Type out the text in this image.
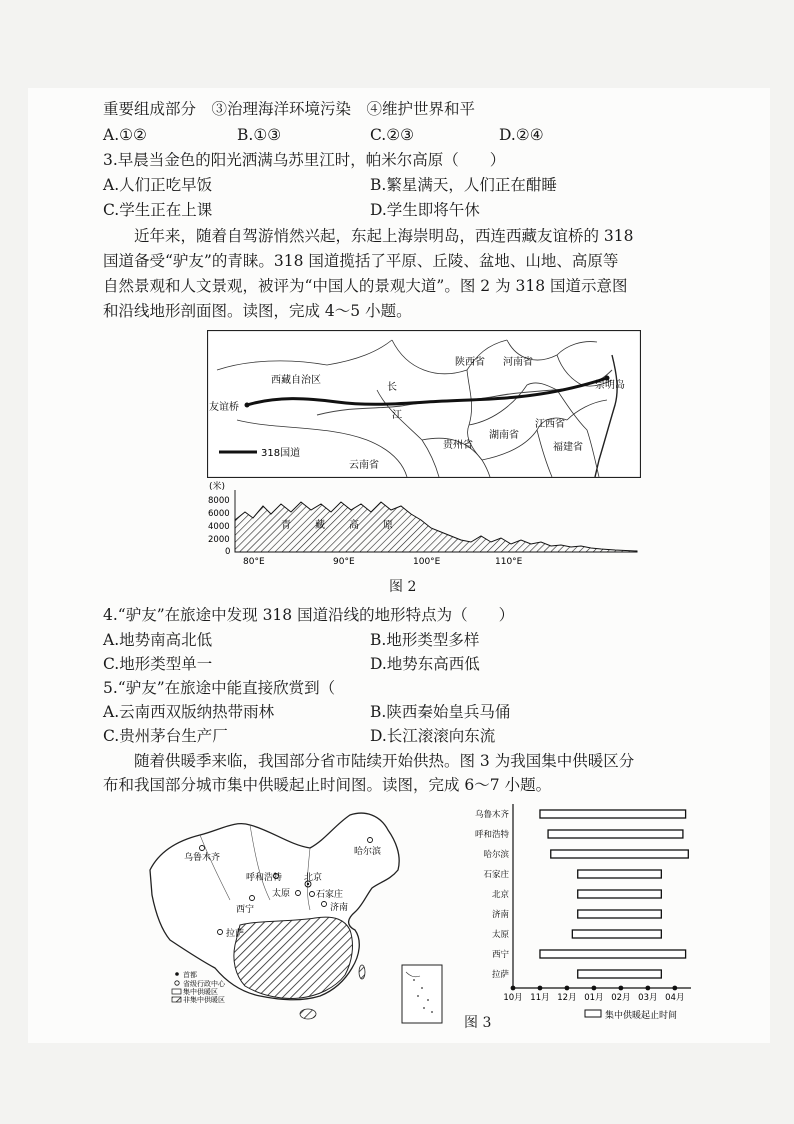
重要组成部分　③治理海洋环境污染　④维护世界和平
A.①②	B.①③	C.②③	D.②④
3.早晨当金色的阳光洒满乌苏里江时，帕米尔高原（　　）
A.人们正吃早饭	B.繁星满天，人们正在酣睡
C.学生正在上课	D.学生即将午休
　　近年来，随着自驾游悄然兴起，东起上海崇明岛，西连西藏友谊桥的 318
国道备受“驴友”的青睐。318 国道揽括了平原、丘陵、盆地、山地、高原等
自然景观和人文景观，被评为“中国人的景观大道”。图 2 为 318 国道示意图
和沿线地形剖面图。读图，完成 4～5 小题。
西藏自治区
陕西省 河南省
崇明岛
友谊桥
长
江
江西省
贵州省
湖南省
福建省
云南省
318国道
(米)
8000
6000
4000
2000
0
青 藏 高 原
80°E	90°E	100°E	110°E
图 2
4.“驴友”在旅途中发现 318 国道沿线的地形特点为（　　）
A.地势南高北低	B.地形类型多样
C.地形类型单一	D.地势东高西低
5.“驴友”在旅途中能直接欣赏到（
A.云南西双版纳热带雨林	B.陕西秦始皇兵马俑
C.贵州茅台生产厂	D.长江滚滚向东流
　　随着供暖季来临，我国部分省市陆续开始供热。图 3 为我国集中供暖区分
布和我国部分城市集中供暖起止时间图。读图，完成 6～7 小题。
乌鲁木齐
哈尔滨
呼和浩特 北京
太原	石家庄
西宁	济南
拉萨
首都
省级行政中心
集中供暖区
非集中供暖区
集中供暖起止时间
乌鲁木齐
呼和浩特
哈尔滨
石家庄
北京
济南
太原
西宁
拉萨
10月 11月 12月 01月 02月 03月 04月
图 3
